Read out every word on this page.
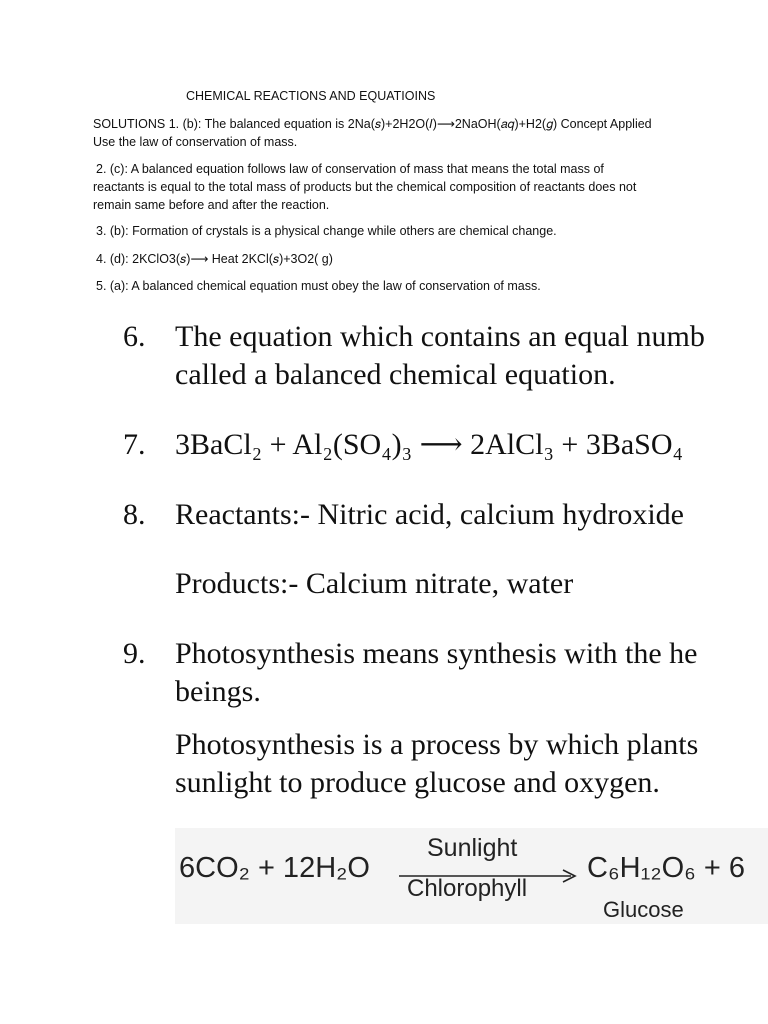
CHEMICAL REACTIONS AND EQUATIOINS
SOLUTIONS 1. (b): The balanced equation is 2Na(𝑠)+2H2O(𝐼)⟶2NaOH(𝑎𝑞)+H2(𝑔) Concept Applied
Use the law of conservation of mass.
2. (c): A balanced equation follows law of conservation of mass that means the total mass of
reactants is equal to the total mass of products but the chemical composition of reactants does not
remain same before and after the reaction.
3. (b): Formation of crystals is a physical change while others are chemical change.
4. (d): 2KClO3(𝑠)⟶ Heat 2KCl(𝑠)+3O2( g)
5. (a): A balanced chemical equation must obey the law of conservation of mass.
6. The equation which contains an equal numb
called a balanced chemical equation.
7. 3BaCl₂ + Al₂(SO₄)₃ ⟶ 2AlCl₃ + 3BaSO₄
8. Reactants:- Nitric acid, calcium hydroxide
Products:- Calcium nitrate, water
9. Photosynthesis means synthesis with the he
beings.
Photosynthesis is a process by which plants
sunlight to produce glucose and oxygen.
6CO₂ + 12H₂O
Sunlight
Chlorophyll
C₆H₁₂O₆ + 6
Glucose
